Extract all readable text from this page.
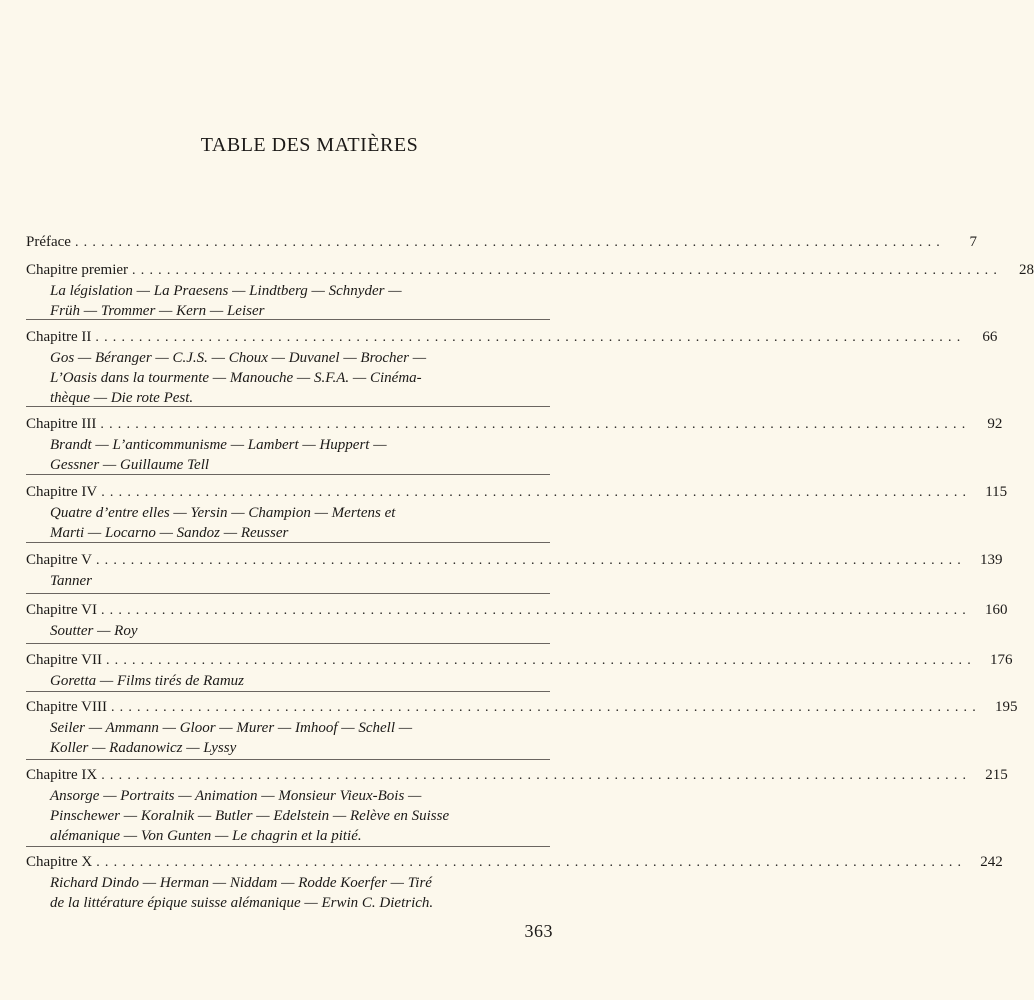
TABLE DES MATIÈRES
Préface ....................................................................................................	7
Chapitre premier .................................................................................................... 28
La législation — La Praesens — Lindtberg — Schnyder —
Früh — Trommer — Kern — Leiser
Chapitre II .................................................................................................... 66
Gos — Béranger — C.J.S. — Choux — Duvanel — Brocher —
L’Oasis dans la tourmente — Manouche — S.F.A. — Cinéma-
thèque — Die rote Pest.
Chapitre III .................................................................................................... 92
Brandt — L’anticommunisme — Lambert — Huppert —
Gessner — Guillaume Tell
Chapitre IV .................................................................................................... 115
Quatre d’entre elles — Yersin — Champion — Mertens et
Marti — Locarno — Sandoz — Reusser
Chapitre V .................................................................................................... 139
Tanner
Chapitre VI .................................................................................................... 160
Soutter — Roy
Chapitre VII .................................................................................................... 176
Goretta — Films tirés de Ramuz
Chapitre VIII .................................................................................................... 195
Seiler — Ammann — Gloor — Murer — Imhoof — Schell —
Koller — Radanowicz — Lyssy
Chapitre IX .................................................................................................... 215
Ansorge — Portraits — Animation — Monsieur Vieux-Bois —
Pinschewer — Koralnik — Butler — Edelstein — Relève en Suisse
alémanique — Von Gunten — Le chagrin et la pitié.
Chapitre X .................................................................................................... 242
Richard Dindo — Herman — Niddam — Rodde Koerfer — Tiré
de la littérature épique suisse alémanique — Erwin C. Dietrich.
363
